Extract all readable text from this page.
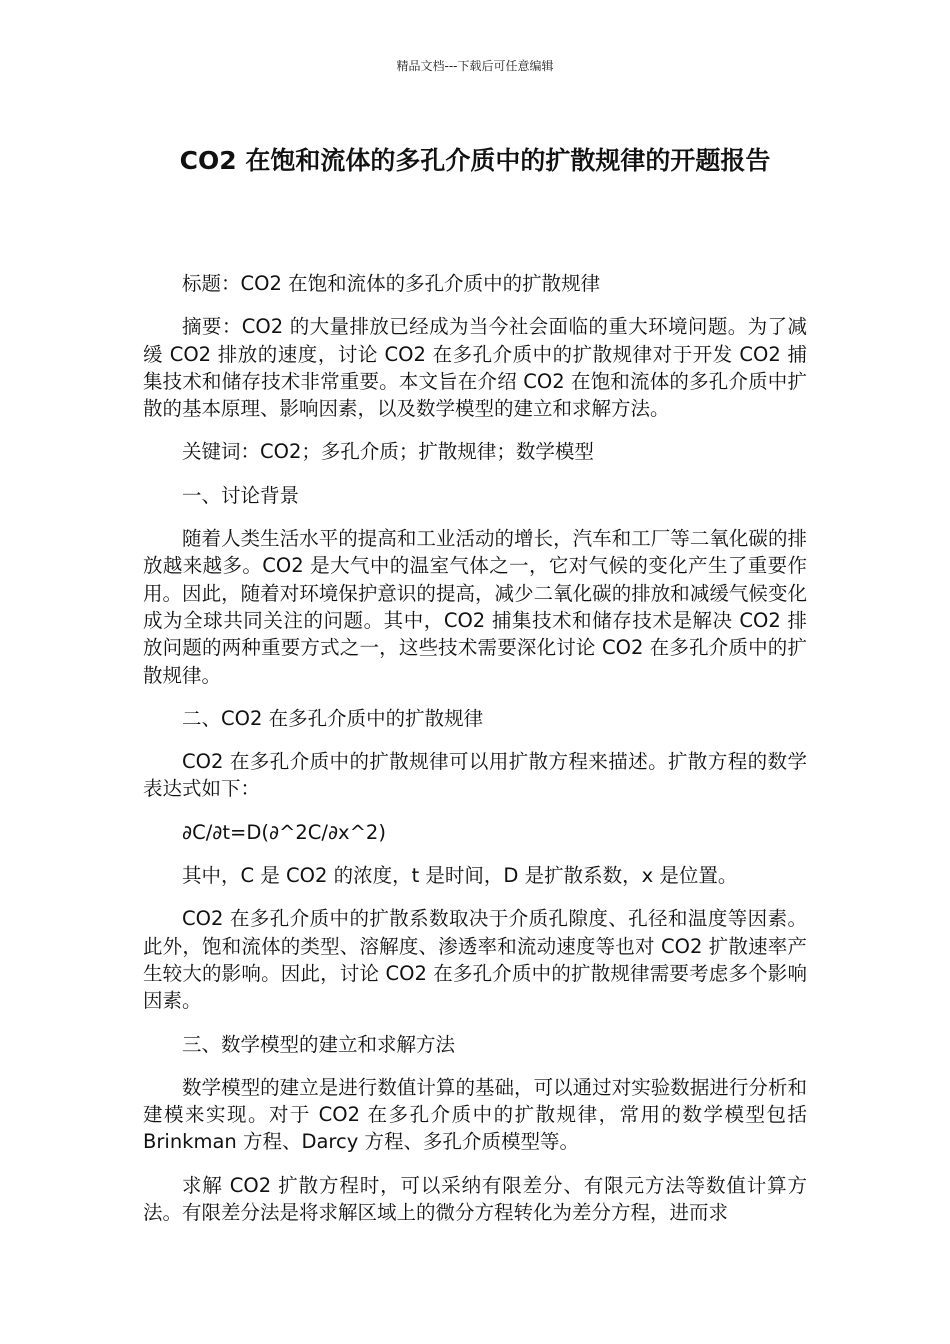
精品文档---下载后可任意编辑
CO2 在饱和流体的多孔介质中的扩散规律的开题报告

标题：CO2 在饱和流体的多孔介质中的扩散规律

摘要：CO2 的大量排放已经成为当今社会面临的重大环境问题。为了减缓 CO2 排放的速度，讨论 CO2 在多孔介质中的扩散规律对于开发 CO2 捕集技术和储存技术非常重要。本文旨在介绍 CO2 在饱和流体的多孔介质中扩散的基本原理、影响因素，以及数学模型的建立和求解方法。

关键词：CO2；多孔介质；扩散规律；数学模型

一、讨论背景

随着人类生活水平的提高和工业活动的增长，汽车和工厂等二氧化碳的排放越来越多。CO2 是大气中的温室气体之一，它对气候的变化产生了重要作用。因此，随着对环境保护意识的提高，减少二氧化碳的排放和减缓气候变化成为全球共同关注的问题。其中，CO2 捕集技术和储存技术是解决 CO2 排放问题的两种重要方式之一，这些技术需要深化讨论 CO2 在多孔介质中的扩散规律。

二、CO2 在多孔介质中的扩散规律

CO2 在多孔介质中的扩散规律可以用扩散方程来描述。扩散方程的数学表达式如下：

∂C/∂t=D(∂^2C/∂x^2)

其中，C 是 CO2 的浓度，t 是时间，D 是扩散系数，x 是位置。

CO2 在多孔介质中的扩散系数取决于介质孔隙度、孔径和温度等因素。此外，饱和流体的类型、溶解度、渗透率和流动速度等也对 CO2 扩散速率产生较大的影响。因此，讨论 CO2 在多孔介质中的扩散规律需要考虑多个影响因素。

三、数学模型的建立和求解方法

数学模型的建立是进行数值计算的基础，可以通过对实验数据进行分析和建模来实现。对于 CO2 在多孔介质中的扩散规律，常用的数学模型包括 Brinkman 方程、Darcy 方程、多孔介质模型等。

求解 CO2 扩散方程时，可以采纳有限差分、有限元方法等数值计算方法。有限差分法是将求解区域上的微分方程转化为差分方程，进而求
